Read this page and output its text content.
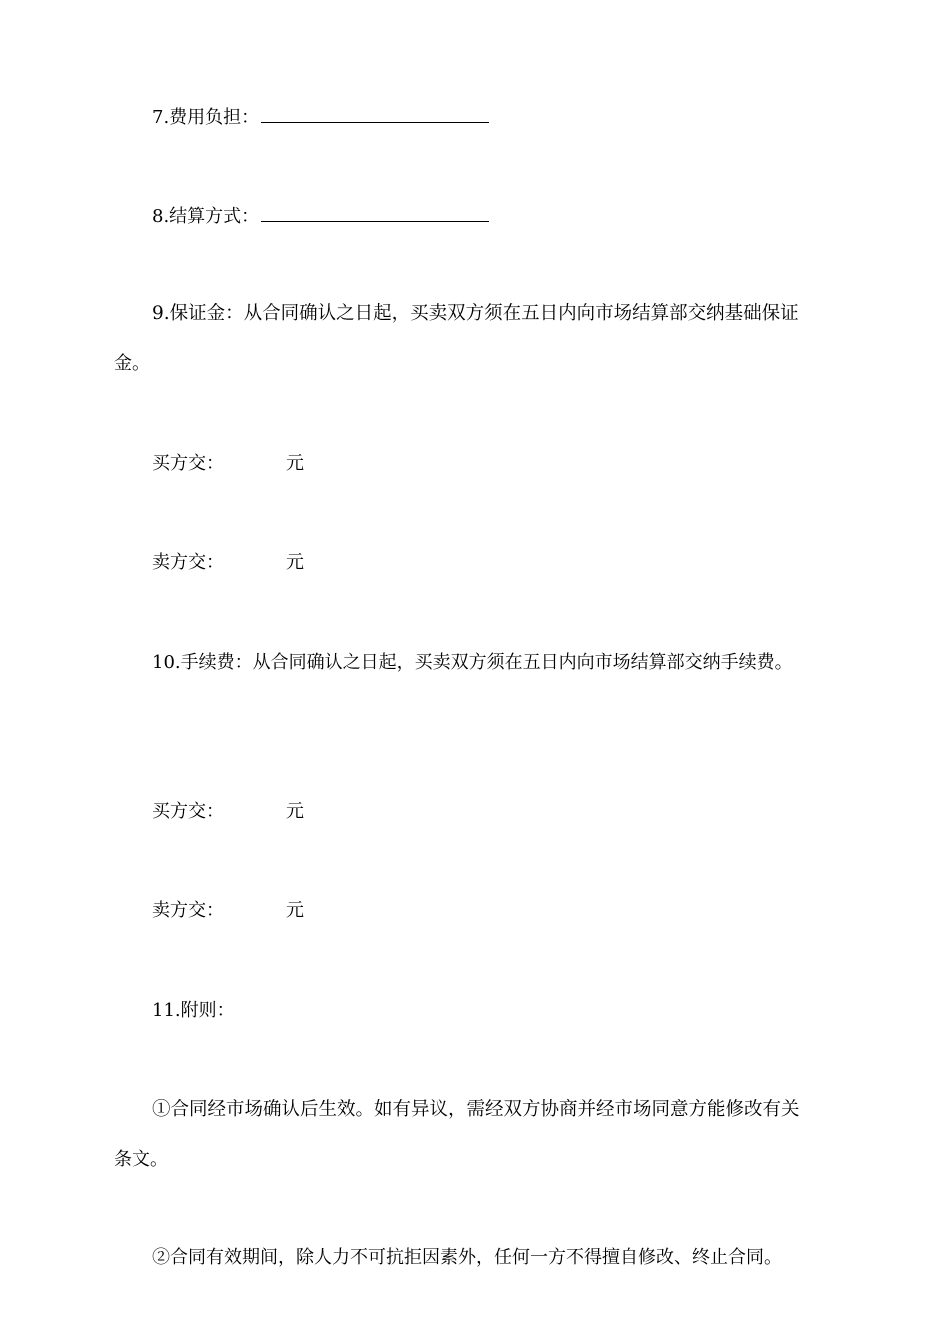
7.费用负担：
8.结算方式：
9.保证金：从合同确认之日起，买卖双方须在五日内向市场结算部交纳基础保证
金。
买方交：	元
卖方交：	元
10.手续费：从合同确认之日起，买卖双方须在五日内向市场结算部交纳手续费。
买方交：	元
卖方交：	元
11.附则：
①合同经市场确认后生效。如有异议，需经双方协商并经市场同意方能修改有关
条文。
②合同有效期间，除人力不可抗拒因素外，任何一方不得擅自修改、终止合同。
